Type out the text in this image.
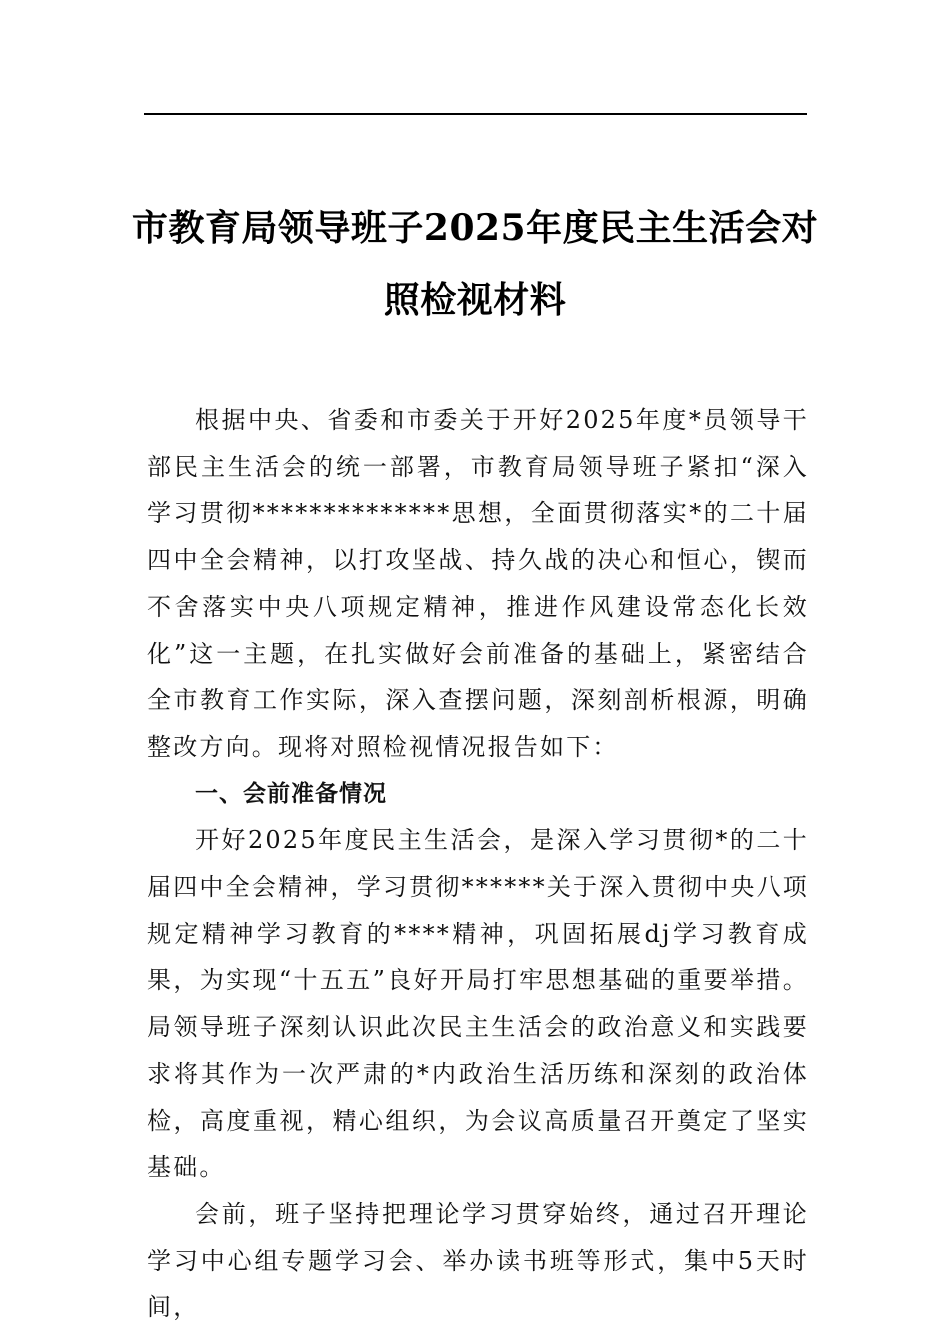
市教育局领导班子2025年度民主生活会对
照检视材料

根据中央、省委和市委关于开好2025年度*员领导干部民主生活会的统一部署，市教育局领导班子紧扣“深入学习贯彻**************思想，全面贯彻落实*的二十届四中全会精神，以打攻坚战、持久战的决心和恒心，锲而不舍落实中央八项规定精神，推进作风建设常态化长效化”这一主题，在扎实做好会前准备的基础上，紧密结合全市教育工作实际，深入查摆问题，深刻剖析根源，明确整改方向。现将对照检视情况报告如下：

一、会前准备情况

开好2025年度民主生活会，是深入学习贯彻*的二十届四中全会精神，学习贯彻******关于深入贯彻中央八项规定精神学习教育的****精神，巩固拓展dj学习教育成果，为实现“十五五”良好开局打牢思想基础的重要举措。局领导班子深刻认识此次民主生活会的政治意义和实践要求将其作为一次严肃的*内政治生活历练和深刻的政治体检，高度重视，精心组织，为会议高质量召开奠定了坚实基础。

会前，班子坚持把理论学习贯穿始终，通过召开理论学习中心组专题学习会、举办读书班等形式，集中5天时间，
